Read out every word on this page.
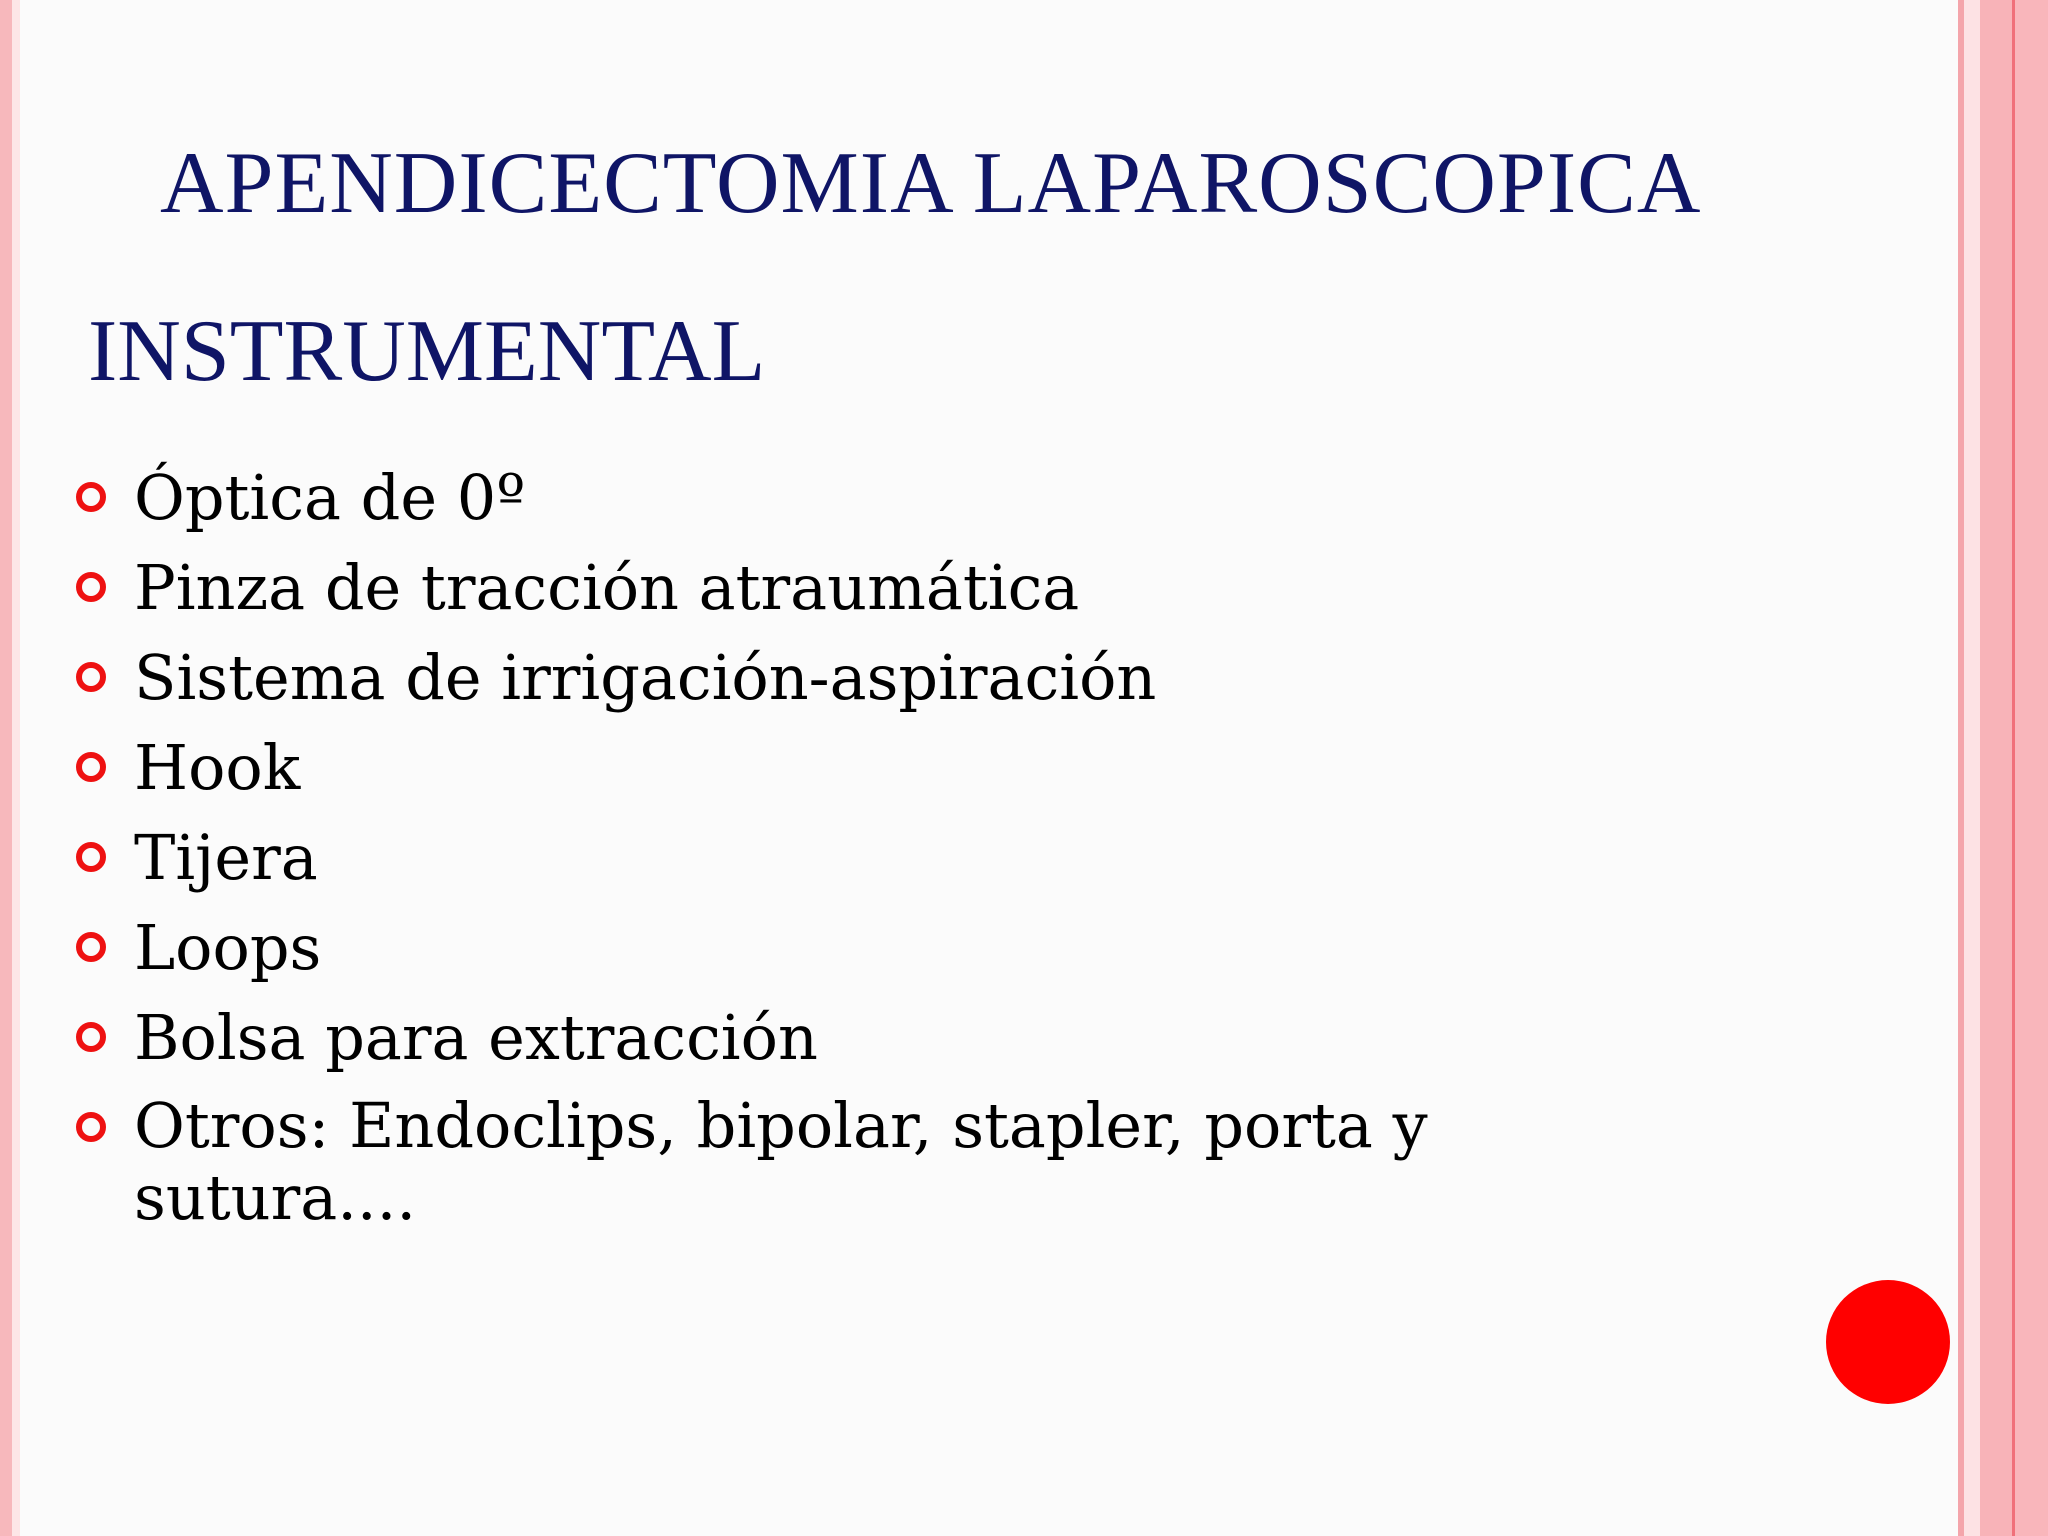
APENDICECTOMIA LAPAROSCOPICA
INSTRUMENTAL
Óptica de 0º
Pinza de tracción atraumática
Sistema de irrigación-aspiración
Hook
Tijera
Loops
Bolsa para extracción
Otros: Endoclips, bipolar, stapler, porta y sutura....
